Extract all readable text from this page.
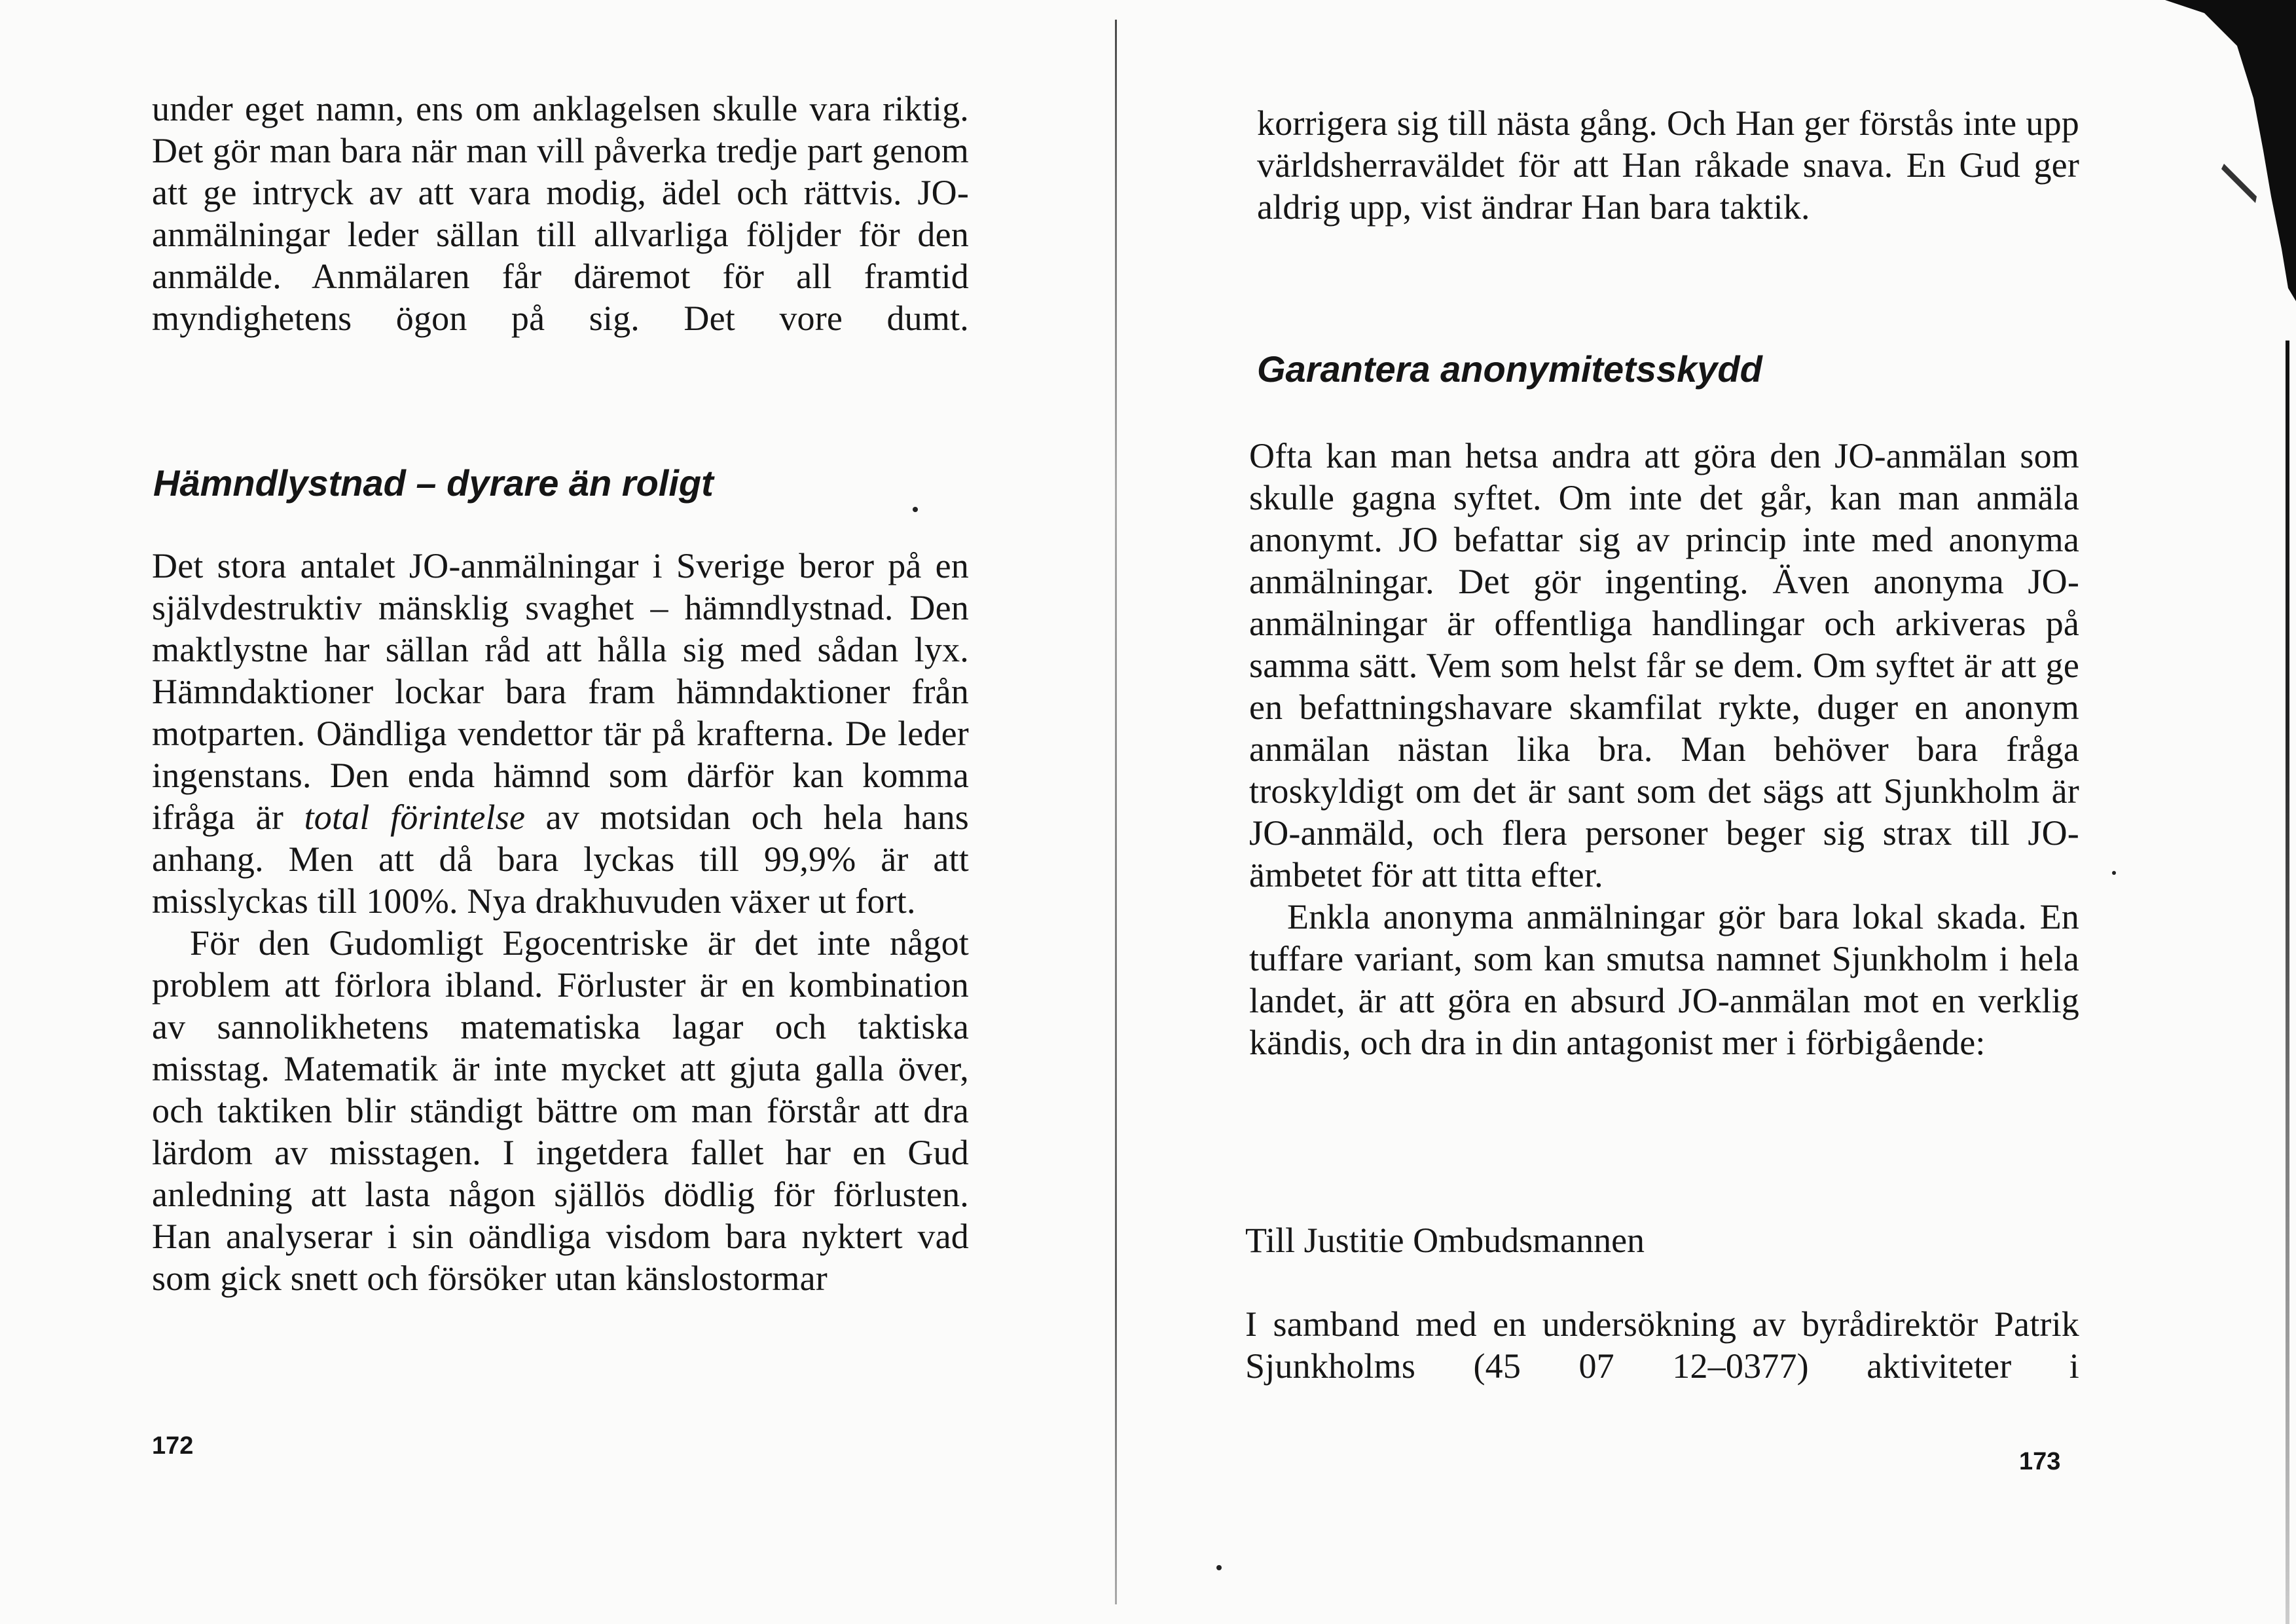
under eget namn, ens om anklagelsen skulle vara riktig. Det gör man bara när man vill påverka tredje part genom att ge intryck av att vara modig, ädel och rättvis. JO-anmälningar leder sällan till allvarliga följder för den anmälde. Anmälaren får däremot för all framtid myndighetens ögon på sig. Det vore dumt.

Hämndlystnad – dyrare än roligt

Det stora antalet JO-anmälningar i Sverige beror på en självdestruktiv mänsklig svaghet – hämndlystnad. Den maktlystne har sällan råd att hålla sig med sådan lyx. Hämndaktioner lockar bara fram hämndaktioner från motparten. Oändliga vendettor tär på krafterna. De leder ingenstans. Den enda hämnd som därför kan komma ifråga är total förintelse av motsidan och hela hans anhang. Men att då bara lyckas till 99,9% är att misslyckas till 100%. Nya drakhuvuden växer ut fort.

För den Gudomligt Egocentriske är det inte något problem att förlora ibland. Förluster är en kombination av sannolikhetens matematiska lagar och taktiska misstag. Matematik är inte mycket att gjuta galla över, och taktiken blir ständigt bättre om man förstår att dra lärdom av misstagen. I ingetdera fallet har en Gud anledning att lasta någon själlös dödlig för förlusten. Han analyserar i sin oändliga visdom bara nyktert vad som gick snett och försöker utan känslostormar

172

korrigera sig till nästa gång. Och Han ger förstås inte upp världsherraväldet för att Han råkade snava. En Gud ger aldrig upp, vist ändrar Han bara taktik.

Garantera anonymitetsskydd

Ofta kan man hetsa andra att göra den JO-anmälan som skulle gagna syftet. Om inte det går, kan man anmäla anonymt. JO befattar sig av princip inte med anonyma anmälningar. Det gör ingenting. Även anonyma JO-anmälningar är offentliga handlingar och arkiveras på samma sätt. Vem som helst får se dem. Om syftet är att ge en befattningshavare skamfilat rykte, duger en anonym anmälan nästan lika bra. Man behöver bara fråga troskyldigt om det är sant som det sägs att Sjunkholm är JO-anmäld, och flera personer beger sig strax till JO-ämbetet för att titta efter.

Enkla anonyma anmälningar gör bara lokal skada. En tuffare variant, som kan smutsa namnet Sjunkholm i hela landet, är att göra en absurd JO-anmälan mot en verklig kändis, och dra in din antagonist mer i förbigående:

Till Justitie Ombudsmannen

I samband med en undersökning av byrådirektör Patrik Sjunkholms (45 07 12–0377) aktiviteter i

173
